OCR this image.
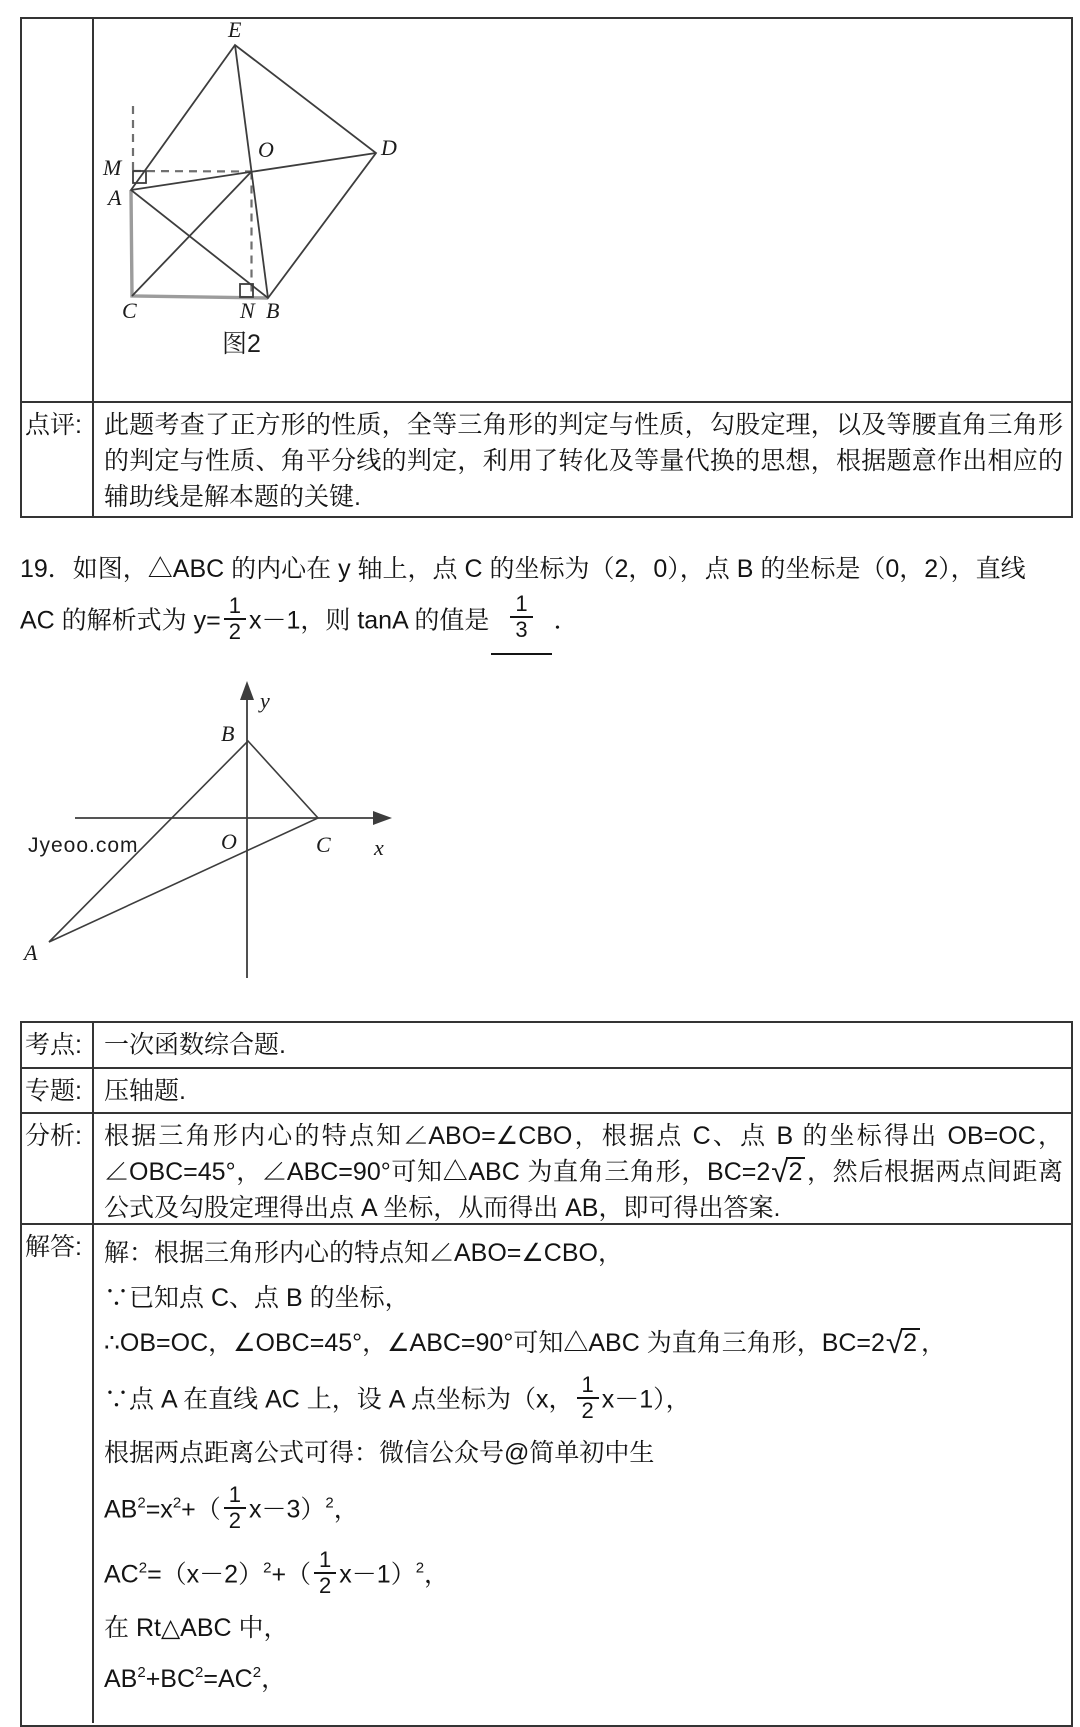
点评: 此题考查了正方形的性质，全等三角形的判定与性质，勾股定理，以及等腰直角三角形的判定与性质、角平分线的判定，利用了转化及等量代换的思想，根据题意作出相应的辅助线是解本题的关键.
E
D
O
M
A
C	N B
图2
19．如图，△ABC 的内心在 y 轴上，点 C 的坐标为（2，0），点 B 的坐标是（0，2），直线
AC 的解析式为 $y= \frac{1}{2} x-1$，则 tanA 的值是 $\frac{1}{3}$ ．
Jyeoo.com
y
B
O	C x
A
考点: 一次函数综合题.
专题: 压轴题.
分析: 根据三角形内心的特点知∠ABO=∠CBO，根据点 C、点 B 的坐标得出 OB=OC，∠OBC=45°，∠ABC=90°可知△ABC 为直角三角形，BC=2√2 ，然后根据两点间距离公式及勾股定理得出点 A 坐标，从而得出 AB，即可得出答案.
解答: 解：根据三角形内心的特点知∠ABO=∠CBO，
∵已知点 C、点 B 的坐标，
∴OB=OC，∠OBC=45°，∠ABC=90°可知△ABC 为直角三角形，BC=2√2 ，
∵点 A 在直线 AC 上，设 A 点坐标为（x， $\frac{1}{2} x-1$），
根据两点距离公式可得：微信公众号@简单初中生
$AB^2=x^2+( \frac{1}{2} x-3)^2$，
$AC^2=(x-2)^2+( \frac{1}{2} x-1)^2$，
在 Rt△ABC 中，
$AB^2+BC^2=AC^2$，
